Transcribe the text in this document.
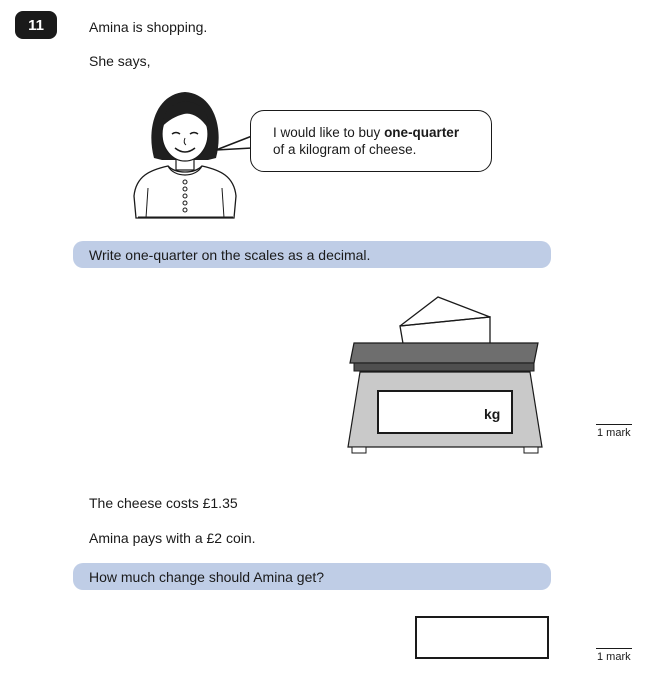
11	Amina is shopping.
She says,
I would like to buy one-quarter
of a kilogram of cheese.
Write one-quarter on the scales as a decimal.
kg
1 mark
The cheese costs £1.35
Amina pays with a £2 coin.
How much change should Amina get?
1 mark
